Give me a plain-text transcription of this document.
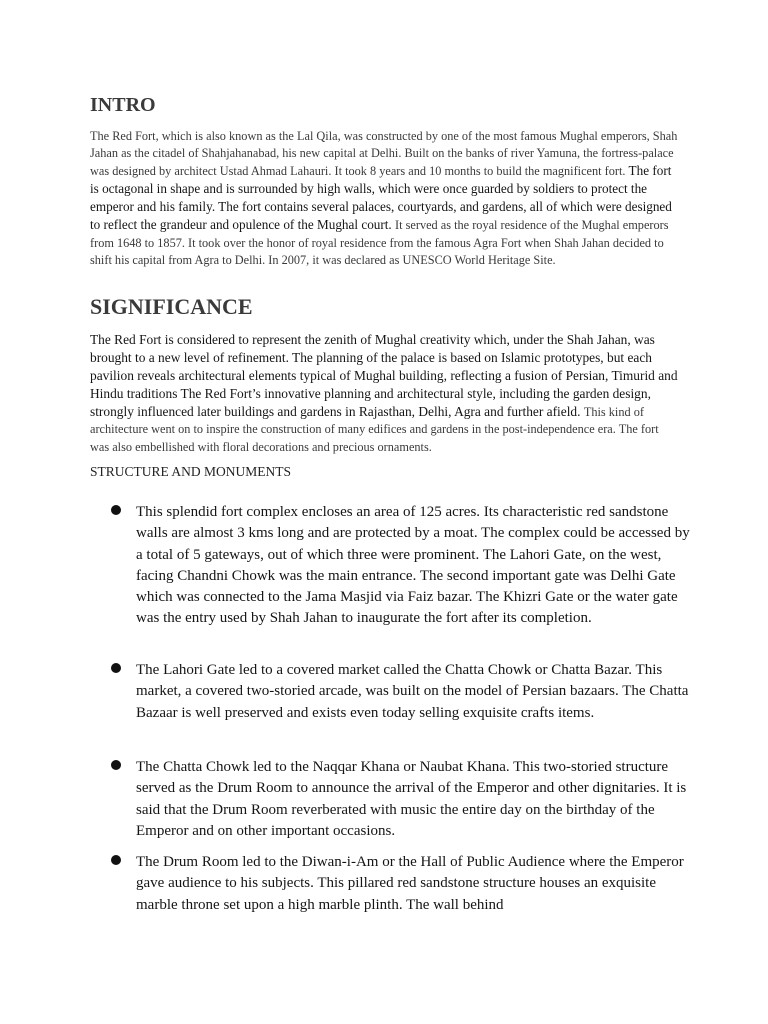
INTRO

The Red Fort, which is also known as the Lal Qila, was constructed by one of the most famous Mughal emperors, Shah Jahan as the citadel of Shahjahanabad, his new capital at Delhi. Built on the banks of river Yamuna, the fortress-palace was designed by architect Ustad Ahmad Lahauri. It took 8 years and 10 months to build the magnificent fort. The fort is octagonal in shape and is surrounded by high walls, which were once guarded by soldiers to protect the emperor and his family. The fort contains several palaces, courtyards, and gardens, all of which were designed to reflect the grandeur and opulence of the Mughal court. It served as the royal residence of the Mughal emperors from 1648 to 1857. It took over the honor of royal residence from the famous Agra Fort when Shah Jahan decided to shift his capital from Agra to Delhi. In 2007, it was declared as UNESCO World Heritage Site.

SIGNIFICANCE

The Red Fort is considered to represent the zenith of Mughal creativity which, under the Shah Jahan, was brought to a new level of refinement. The planning of the palace is based on Islamic prototypes, but each pavilion reveals architectural elements typical of Mughal building, reflecting a fusion of Persian, Timurid and Hindu traditions The Red Fort’s innovative planning and architectural style, including the garden design, strongly influenced later buildings and gardens in Rajasthan, Delhi, Agra and further afield. This kind of architecture went on to inspire the construction of many edifices and gardens in the post-independence era. The fort was also embellished with floral decorations and precious ornaments.

STRUCTURE AND MONUMENTS

This splendid fort complex encloses an area of 125 acres. Its characteristic red sandstone walls are almost 3 kms long and are protected by a moat. The complex could be accessed by a total of 5 gateways, out of which three were prominent. The Lahori Gate, on the west, facing Chandni Chowk was the main entrance. The second important gate was Delhi Gate which was connected to the Jama Masjid via Faiz bazar. The Khizri Gate or the water gate was the entry used by Shah Jahan to inaugurate the fort after its completion.
The Lahori Gate led to a covered market called the Chatta Chowk or Chatta Bazar. This market, a covered two-storied arcade, was built on the model of Persian bazaars. The Chatta Bazaar is well preserved and exists even today selling exquisite crafts items.
The Chatta Chowk led to the Naqqar Khana or Naubat Khana. This two-storied structure served as the Drum Room to announce the arrival of the Emperor and other dignitaries. It is said that the Drum Room reverberated with music the entire day on the birthday of the Emperor and on other important occasions.
The Drum Room led to the Diwan-i-Am or the Hall of Public Audience where the Emperor gave audience to his subjects. This pillared red sandstone structure houses an exquisite marble throne set upon a high marble plinth. The wall behind
